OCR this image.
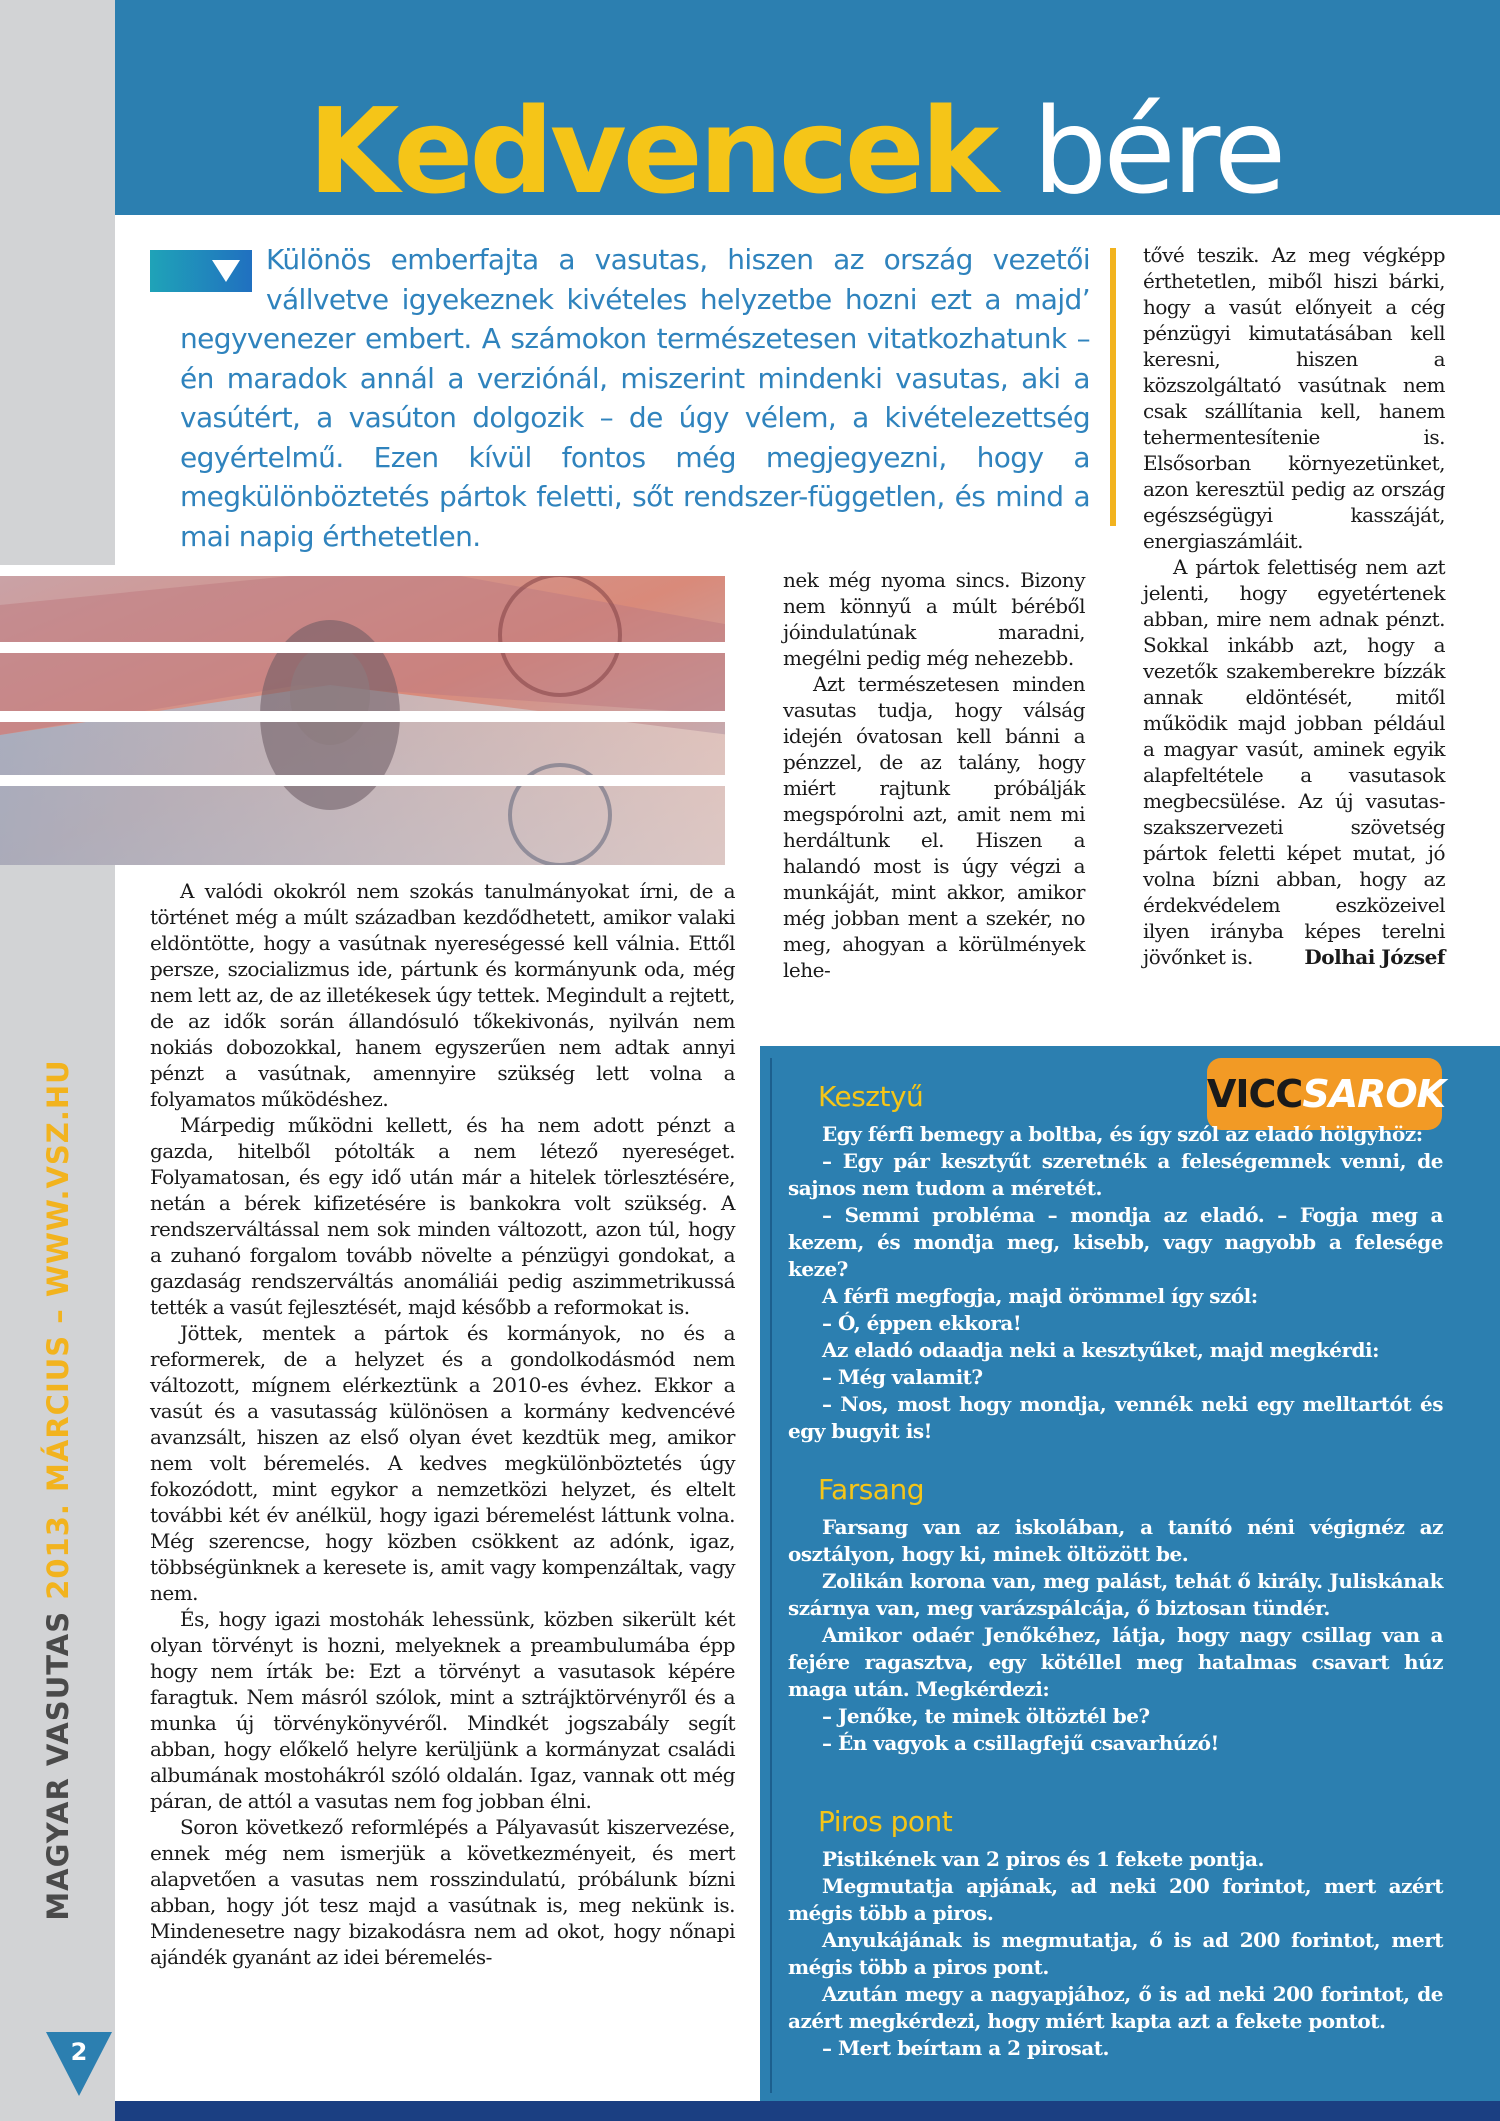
MAGYAR VASUTAS 2013. MÁRCIUS – WWW.VSZ.HU
2
Kedvencek bére

Különös emberfajta a vasutas, hiszen az ország vezetői vállvetve igyekeznek kivételes helyzetbe hozni ezt a majd’ negyvenezer embert. A számokon természetesen vitatkozhatunk – én maradok annál a verziónál, miszerint mindenki vasutas, aki a vasútért, a vasúton dolgozik – de úgy vélem, a kivételezettség egyértelmű. Ezen kívül fontos még megjegyezni, hogy a megkülönböztetés pártok feletti, sőt rendszer-független, és mind a mai napig érthetetlen.

A valódi okokról nem szokás tanulmányokat írni, de a történet még a múlt században kezdődhetett, amikor valaki eldöntötte, hogy a vasútnak nyereségessé kell válnia. Ettől persze, szocializmus ide, pártunk és kormányunk oda, még nem lett az, de az illetékesek úgy tettek. Megindult a rejtett, de az idők során állandósuló tőkekivonás, nyilván nem nokiás dobozokkal, hanem egyszerűen nem adtak annyi pénzt a vasútnak, amennyire szükség lett volna a folyamatos működéshez.

Márpedig működni kellett, és ha nem adott pénzt a gazda, hitelből pótolták a nem létező nyereséget. Folyamatosan, és egy idő után már a hitelek törlesztésére, netán a bérek kifizetésére is bankokra volt szükség. A rendszerváltással nem sok minden változott, azon túl, hogy a zuhanó forgalom tovább növelte a pénzügyi gondokat, a gazdaság rendszerváltás anomáliái pedig aszimmetrikussá tették a vasút fejlesztését, majd később a reformokat is.

Jöttek, mentek a pártok és kormányok, no és a reformerek, de a helyzet és a gondolkodásmód nem változott, mígnem elérkeztünk a 2010-es évhez. Ekkor a vasút és a vasutasság különösen a kormány kedvencévé avanzsált, hiszen az első olyan évet kezdtük meg, amikor nem volt béremelés. A kedves megkülönböztetés úgy fokozódott, mint egykor a nemzetközi helyzet, és eltelt további két év anélkül, hogy igazi béremelést láttunk volna. Még szerencse, hogy közben csökkent az adónk, igaz, többségünknek a keresete is, amit vagy kompenzáltak, vagy nem.

És, hogy igazi mostohák lehessünk, közben sikerült két olyan törvényt is hozni, melyeknek a preambulumába épp hogy nem írták be: Ezt a törvényt a vasutasok képére faragtuk. Nem másról szólok, mint a sztrájktörvényről és a munka új törvénykönyvéről. Mindkét jogszabály segít abban, hogy előkelő helyre kerüljünk a kormányzat családi albumának mostohákról szóló oldalán. Igaz, vannak ott még páran, de attól a vasutas nem fog jobban élni.

Soron következő reformlépés a Pályavasút kiszervezése, ennek még nem ismerjük a következményeit, és mert alapvetően a vasutas nem rosszindulatú, próbálunk bízni abban, hogy jót tesz majd a vasútnak is, meg nekünk is. Mindenesetre nagy bizakodásra nem ad okot, hogy nőnapi ajándék gyanánt az idei béremelés-

nek még nyoma sincs. Bizony nem könnyű a múlt béréből jóindulatúnak maradni, megélni pedig még nehezebb.

Azt természetesen minden vasutas tudja, hogy válság idején óvatosan kell bánni a pénzzel, de az talány, hogy miért rajtunk próbálják megspórolni azt, amit nem mi herdáltunk el. Hiszen a halandó most is úgy végzi a munkáját, mint akkor, amikor még jobban ment a szekér, no meg, ahogyan a körülmények lehe-

tővé teszik. Az meg végképp érthetetlen, miből hiszi bárki, hogy a vasút előnyeit a cég pénzügyi kimutatásában kell keresni, hiszen a közszolgáltató vasútnak nem csak szállítania kell, hanem tehermentesítenie is. Elsősorban környezetünket, azon keresztül pedig az ország egészségügyi kasszáját, energiaszámláit.

A pártok felettiség nem azt jelenti, hogy egyetértenek abban, mire nem adnak pénzt. Sokkal inkább azt, hogy a vezetők szakemberekre bízzák annak eldöntését, mitől működik majd jobban például a magyar vasút, aminek egyik alapfeltétele a vasutasok megbecsülése. Az új vasutas-szakszervezeti szövetség pártok feletti képet mutat, jó volna bízni abban, hogy az érdekvédelem eszközeivel ilyen irányba képes terelni jövőnket is.	Dolhai József
VICCSAROK
Kesztyű

Egy férfi bemegy a boltba, és így szól az eladó hölgyhöz:

– Egy pár kesztyűt szeretnék a feleségemnek venni, de sajnos nem tudom a méretét.

– Semmi probléma – mondja az eladó. – Fogja meg a kezem, és mondja meg, kisebb, vagy nagyobb a felesége keze?

A férfi megfogja, majd örömmel így szól:

– Ó, éppen ekkora!

Az eladó odaadja neki a kesztyűket, majd megkérdi:

– Még valamit?

– Nos, most hogy mondja, vennék neki egy melltartót és egy bugyit is!

Farsang

Farsang van az iskolában, a tanító néni végignéz az osztályon, hogy ki, minek öltözött be.

Zolikán korona van, meg palást, tehát ő király. Juliskának szárnya van, meg varázspálcája, ő biztosan tündér.

Amikor odaér Jenőkéhez, látja, hogy nagy csillag van a fejére ragasztva, egy kötéllel meg hatalmas csavart húz maga után. Megkérdezi:

– Jenőke, te minek öltöztél be?

– Én vagyok a csillagfejű csavarhúzó!

Piros pont

Pistikének van 2 piros és 1 fekete pontja.

Megmutatja apjának, ad neki 200 forintot, mert azért mégis több a piros.

Anyukájának is megmutatja, ő is ad 200 forintot, mert mégis több a piros pont.

Azután megy a nagyapjához, ő is ad neki 200 forintot, de azért megkérdezi, hogy miért kapta azt a fekete pontot.

– Mert beírtam a 2 pirosat.
